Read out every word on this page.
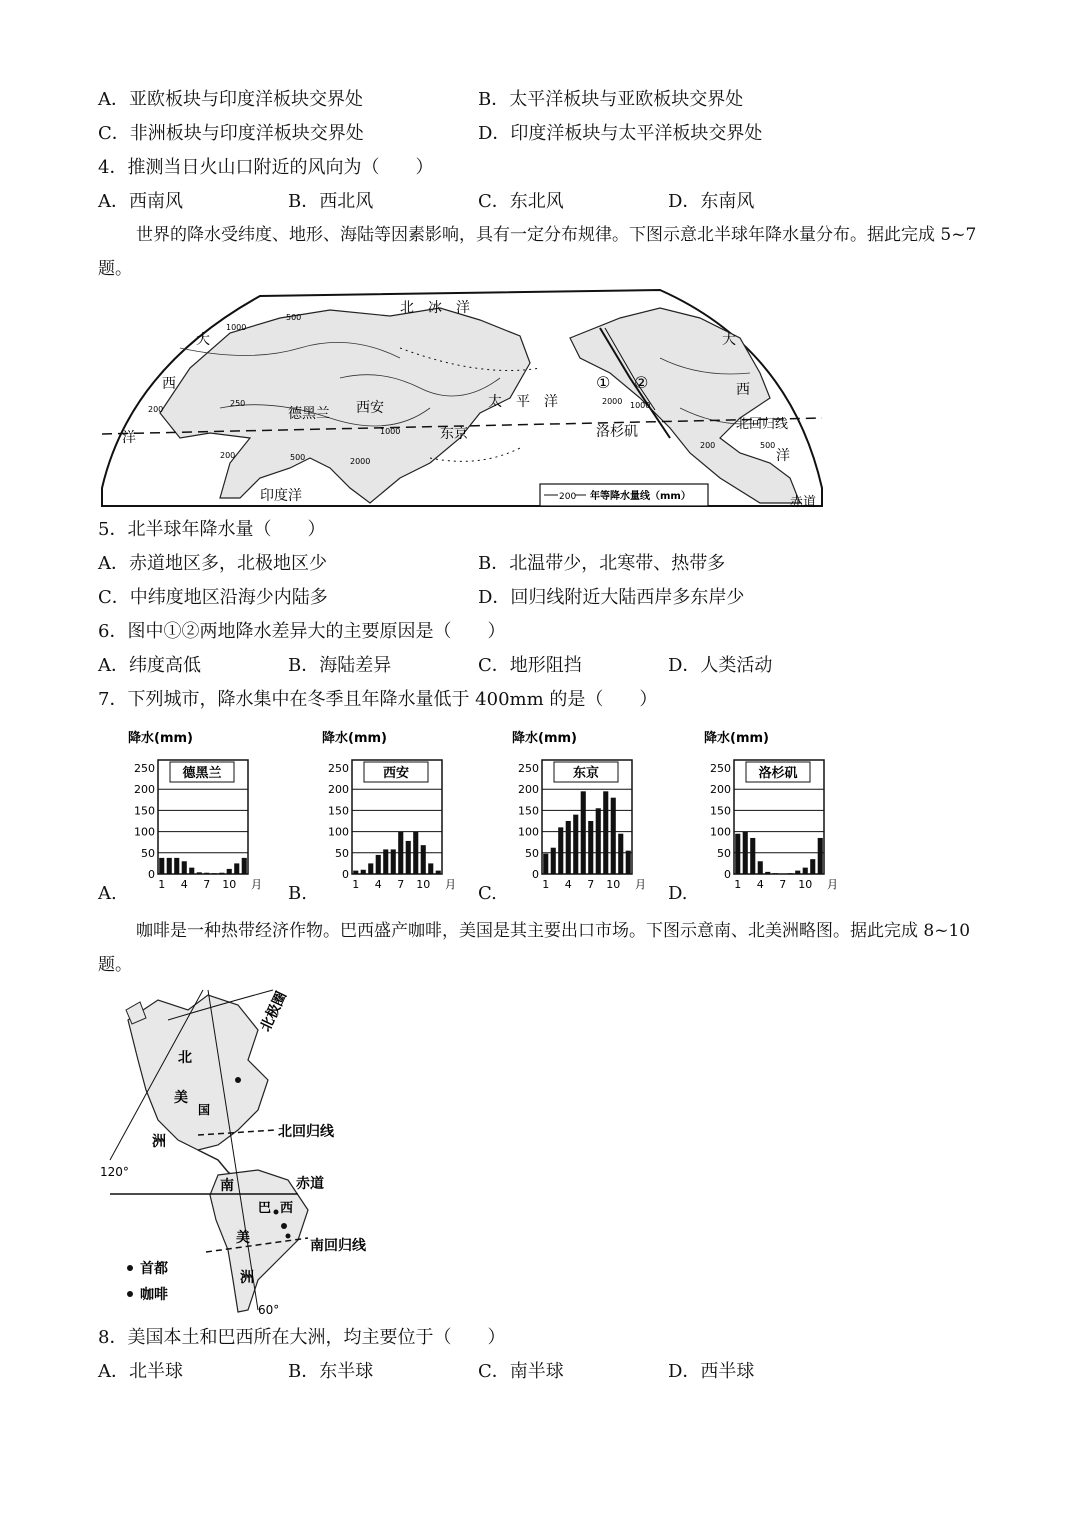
A．亚欧板块与印度洋板块交界处	B．太平洋板块与亚欧板块交界处
C．非洲板块与印度洋板块交界处	D．印度洋板块与太平洋板块交界处
4．推测当日火山口附近的风向为（　　）
A．西南风	B．西北风	C．东北风	D．东南风
世界的降水受纬度、地形、海陆等因素影响，具有一定分布规律。下图示意北半球年降水量分布。据此完成 5~7 题。
北　冰　洋
大
西
洋
大
西
洋
太　平　洋
印度洋
德黑兰 西安
东京	洛杉矶	北回归线
赤道
① ②
1000
500
200
250
1000
2000
500
200
1000
2000
200	500
200 年等降水量线（mm）
5．北半球年降水量（　　）
A．赤道地区多，北极地区少	B．北温带少，北寒带、热带多
C．中纬度地区沿海少内陆多	D．回归线附近大陆西岸多东岸少
6．图中①②两地降水差异大的主要原因是（　　）
A．纬度高低	B．海陆差异	C．地形阻挡	D．人类活动
7．下列城市，降水集中在冬季且年降水量低于 400mm 的是（　　）
A.	B.	C.	D.
降水(mm)
250
200
150
100
50
0
德黑兰
1 4 7 10 月
降水(mm)
250
200
150
100
50
0
西安
1 4 7 10 月
降水(mm)
250
200
150
100
50
0
东京
1 4 7 10 月
降水(mm)
250
200
150
100
50
0
洛杉矶
1 4 7 10 月
咖啡是一种热带经济作物。巴西盛产咖啡，美国是其主要出口市场。下图示意南、北美洲略图。据此完成 8~10 题。
北极圈
北
美
国
洲
北回归线
120°
赤道
南
巴 西
南回归线
美
洲
60°
首都
咖啡
8．美国本土和巴西所在大洲，均主要位于（　　）
A．北半球	B．东半球	C．南半球	D．西半球
